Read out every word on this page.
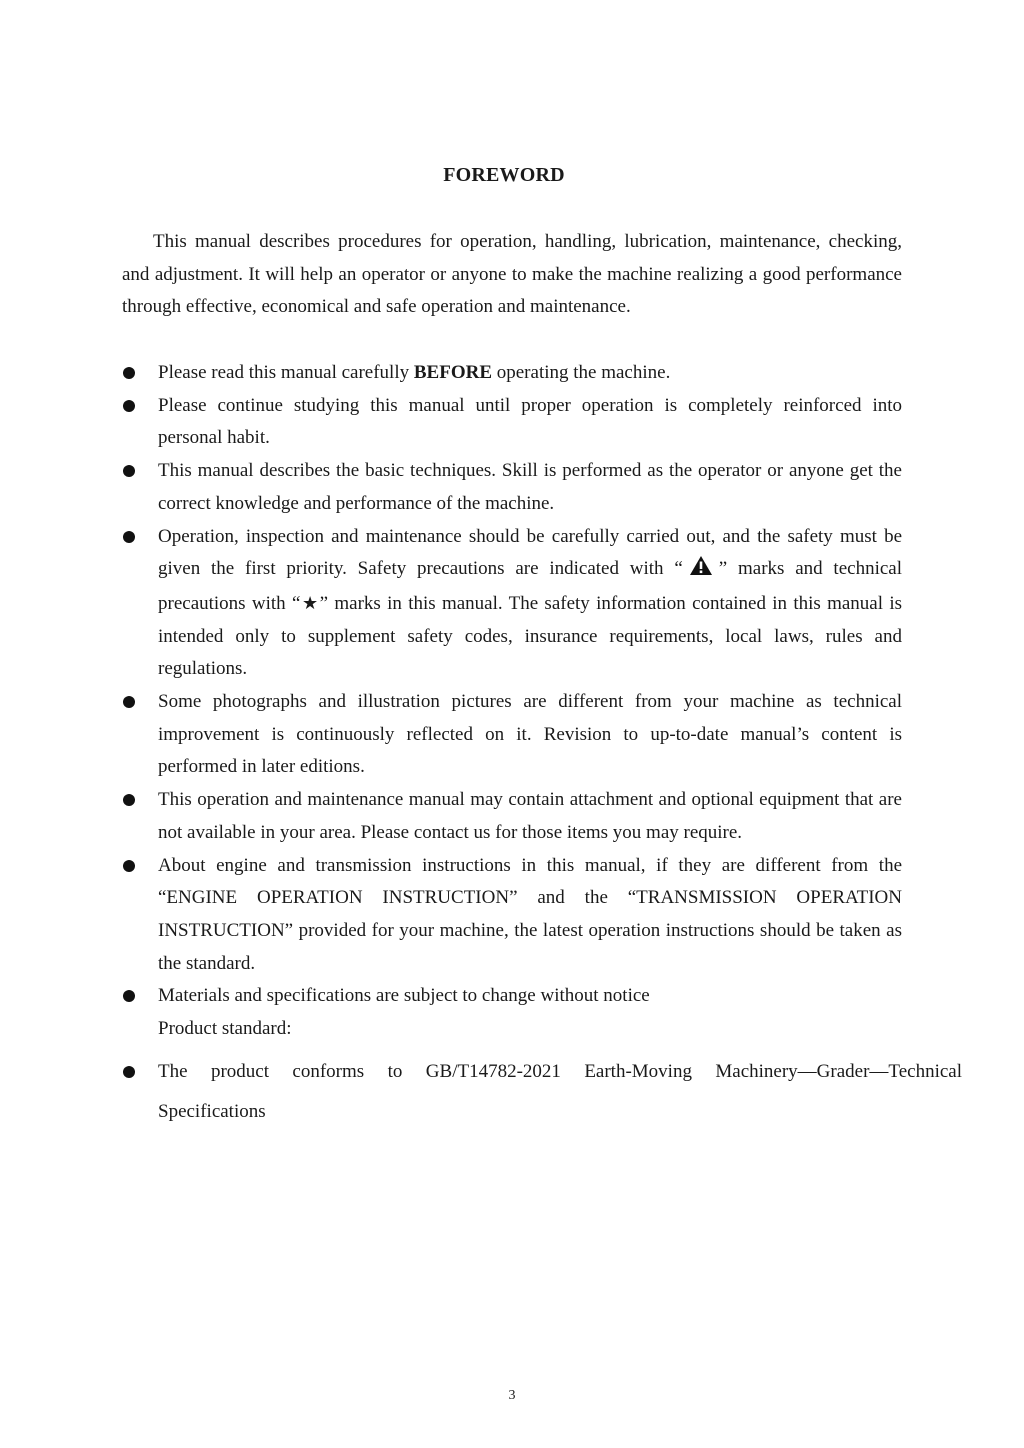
FOREWORD

This manual describes procedures for operation, handling, lubrication, maintenance, checking, and adjustment. It will help an operator or anyone to make the machine realizing a good performance through effective, economical and safe operation and maintenance.

Please read this manual carefully BEFORE operating the machine.
Please continue studying this manual until proper operation is completely reinforced into personal habit.
This manual describes the basic techniques. Skill is performed as the operator or anyone get the correct knowledge and performance of the machine.
Operation, inspection and maintenance should be carefully carried out, and the safety must be given the first priority. Safety precautions are indicated with “ ” marks and technical precautions with “★” marks in this manual. The safety information contained in this manual is intended only to supplement safety codes, insurance requirements, local laws, rules and regulations.
Some photographs and illustration pictures are different from your machine as technical improvement is continuously reflected on it. Revision to up-to-date manual’s content is performed in later editions.
This operation and maintenance manual may contain attachment and optional equipment that are not available in your area. Please contact us for those items you may require.
About engine and transmission instructions in this manual, if they are different from the “ENGINE OPERATION INSTRUCTION” and the “TRANSMISSION OPERATION INSTRUCTION” provided for your machine, the latest operation instructions should be taken as the standard.
Materials and specifications are subject to change without notice
Product standard:
The product conforms to GB/T14782-2021 Earth-Moving Machinery—Grader—Technical Specifications
3
